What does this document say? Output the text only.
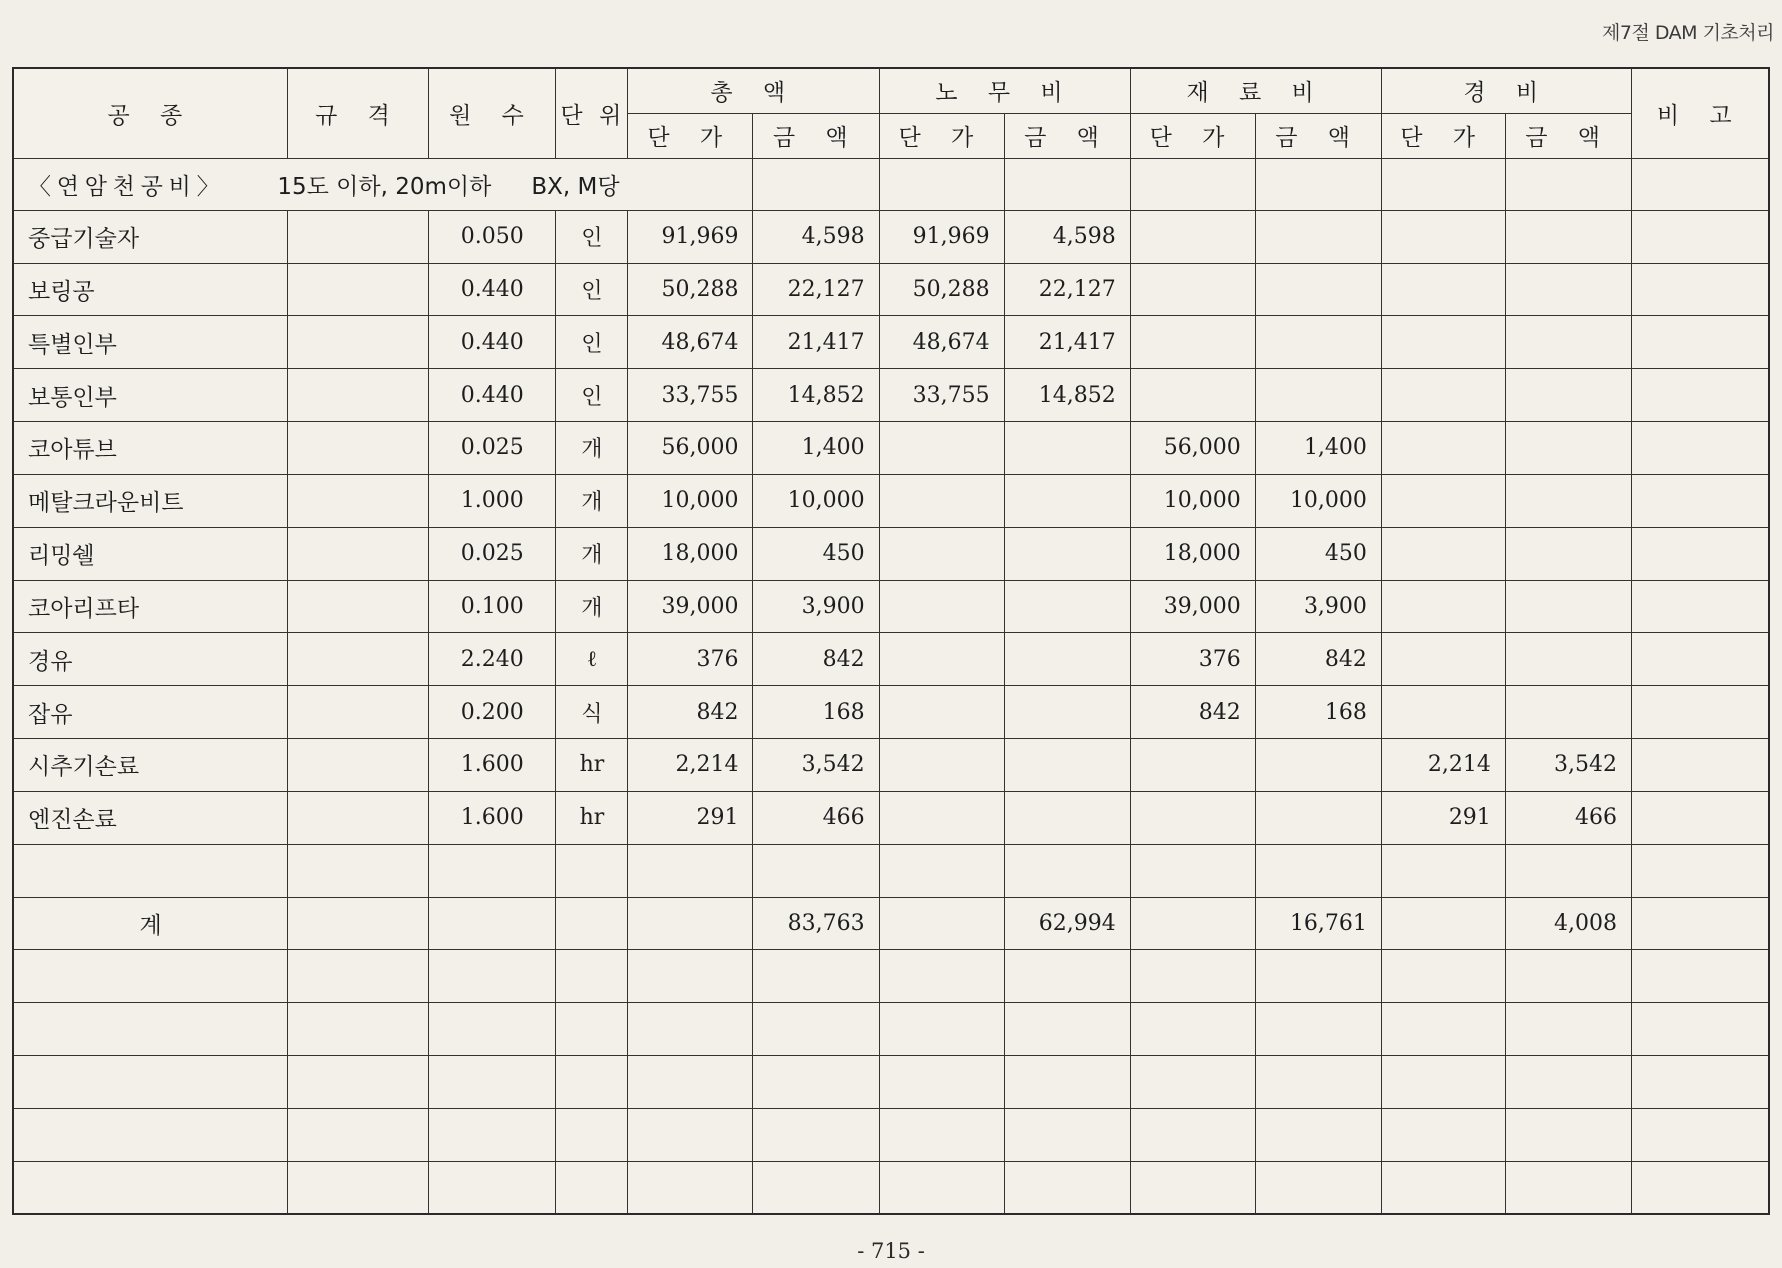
제7절 DAM 기초처리
공 종	규 격	원 수	단 위	총 액		노 무 비		재 료 비		경 비		비 고
				단 가	금 액	단 가	금 액	단 가	금 액	단 가	금 액	
〈연암천공비〉 15도 이하, 20m이하 BX, M당												
중급기술자		0.050	인	91,969	4,598	91,969	4,598					
보링공		0.440	인	50,288	22,127	50,288	22,127					
특별인부		0.440	인	48,674	21,417	48,674	21,417					
보통인부		0.440	인	33,755	14,852	33,755	14,852					
코아튜브		0.025	개	56,000	1,400			56,000	1,400			
메탈크라운비트		1.000	개	10,000	10,000			10,000	10,000			
리밍쉘		0.025	개	18,000	450			18,000	450			
코아리프타		0.100	개	39,000	3,900			39,000	3,900			
경유		2.240	ℓ	376	842			376	842			
잡유		0.200	식	842	168			842	168			
시추기손료		1.600	hr	2,214	3,542					2,214	3,542	
엔진손료		1.600	hr	291	466					291	466	

계					83,763		62,994		16,761		4,008	

- 715 -
